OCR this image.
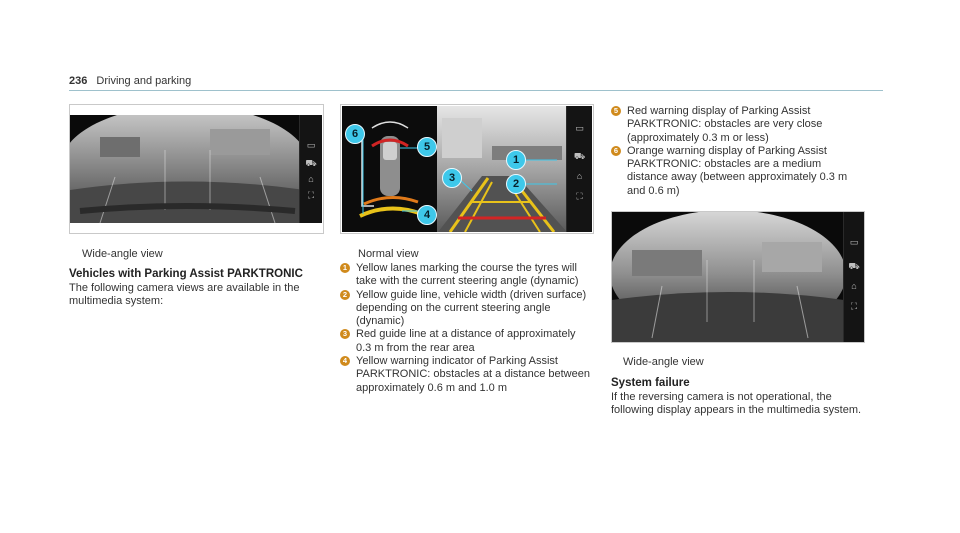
236 Driving and parking
▭
⛟
⌂
⛶
Wide-angle view
Vehicles with Parking Assist PARKTRONIC
The following camera views are available in the multimedia system:
▭
⛟
⌂
⛶
6
5
1
2
3
4
Normal view

1 Yellow lanes marking the course the tyres will take with the current steering angle (dynamic)

2 Yellow guide line, vehicle width (driven surface) depending on the current steering angle (dynamic)

3 Red guide line at a distance of approximately 0.3 m from the rear area

4 Yellow warning indicator of Parking Assist PARKTRONIC: obstacles at a distance between approximately 0.6 m and 1.0 m

5 Red warning display of Parking Assist PARKTRONIC: obstacles are very close (approximately 0.3 m or less)

6 Orange warning display of Parking Assist PARKTRONIC: obstacles are a medium distance away (between approximately 0.3 m and 0.6 m)

▭
⛟
⌂
⛶
Wide-angle view
System failure
If the reversing camera is not operational, the following display appears in the multimedia system.
